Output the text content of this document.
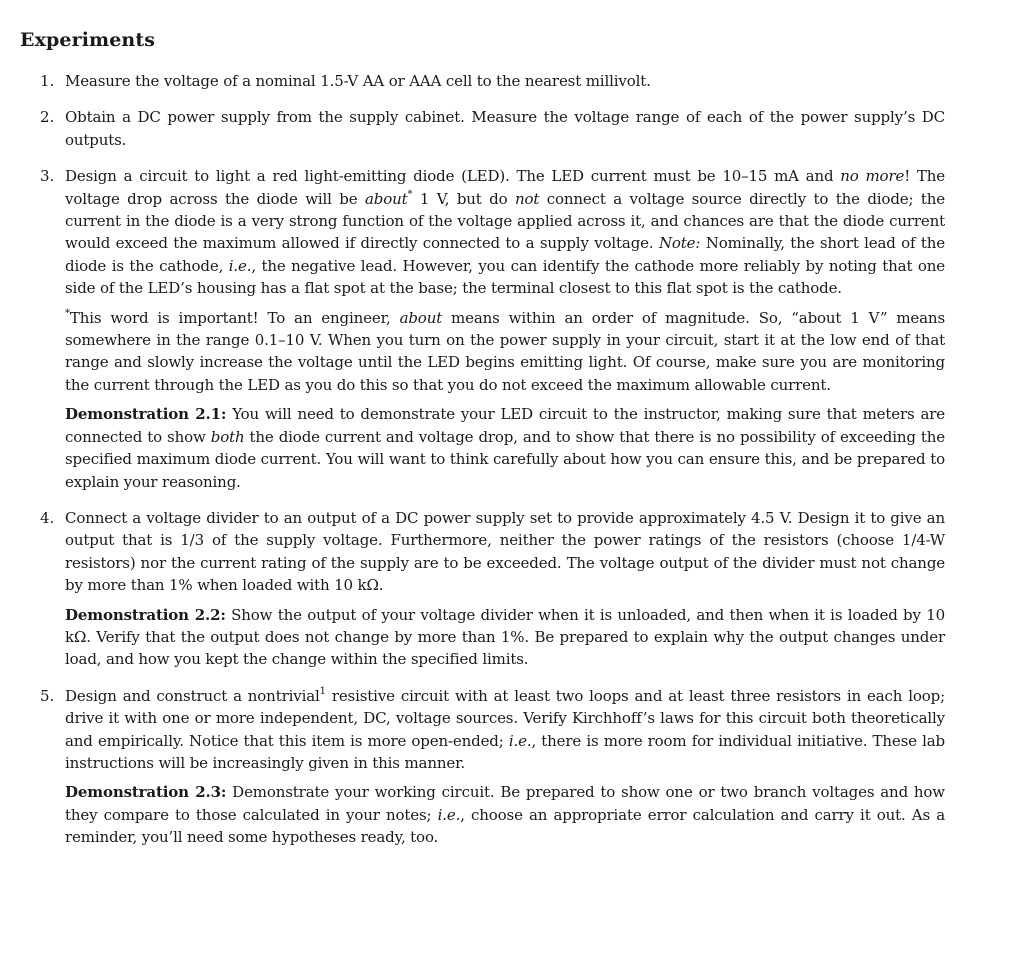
Experiments
1. Measure the voltage of a nominal 1.5-V AA or AAA cell to the nearest millivolt.

2. Obtain a DC power supply from the supply cabinet. Measure the voltage range of each of the power supply’s DC outputs.

3. Design a circuit to light a red light-emitting diode (LED). The LED current must be 10–15 mA and no more! The voltage drop across the diode will be about* 1 V, but do not connect a voltage source directly to the diode; the current in the diode is a very strong function of the voltage applied across it, and chances are that the diode current would exceed the maximum allowed if directly connected to a supply voltage. Note: Nominally, the short lead of the diode is the cathode, i.e., the negative lead. However, you can identify the cathode more reliably by noting that one side of the LED’s housing has a flat spot at the base; the terminal closest to this flat spot is the cathode.

*This word is important! To an engineer, about means within an order of magnitude. So, “about 1 V” means somewhere in the range 0.1–10 V. When you turn on the power supply in your circuit, start it at the low end of that range and slowly increase the voltage until the LED begins emitting light. Of course, make sure you are monitoring the current through the LED as you do this so that you do not exceed the maximum allowable current.

Demonstration 2.1: You will need to demonstrate your LED circuit to the instructor, making sure that meters are connected to show both the diode current and voltage drop, and to show that there is no possibility of exceeding the specified maximum diode current. You will want to think carefully about how you can ensure this, and be prepared to explain your reasoning.

4. Connect a voltage divider to an output of a DC power supply set to provide approximately 4.5 V. Design it to give an output that is 1/3 of the supply voltage. Furthermore, neither the power ratings of the resistors (choose 1/4-W resistors) nor the current rating of the supply are to be exceeded. The voltage output of the divider must not change by more than 1% when loaded with 10 kΩ.

Demonstration 2.2: Show the output of your voltage divider when it is unloaded, and then when it is loaded by 10 kΩ. Verify that the output does not change by more than 1%. Be prepared to explain why the output changes under load, and how you kept the change within the specified limits.

5. Design and construct a nontrivial$^1$ resistive circuit with at least two loops and at least three resistors in each loop; drive it with one or more independent, DC, voltage sources. Verify Kirchhoff’s laws for this circuit both theoretically and empirically. Notice that this item is more open-ended; i.e., there is more room for individual initiative. These lab instructions will be increasingly given in this manner.

Demonstration 2.3: Demonstrate your working circuit. Be prepared to show one or two branch voltages and how they compare to those calculated in your notes; i.e., choose an appropriate error calculation and carry it out. As a reminder, you’ll need some hypotheses ready, too.
